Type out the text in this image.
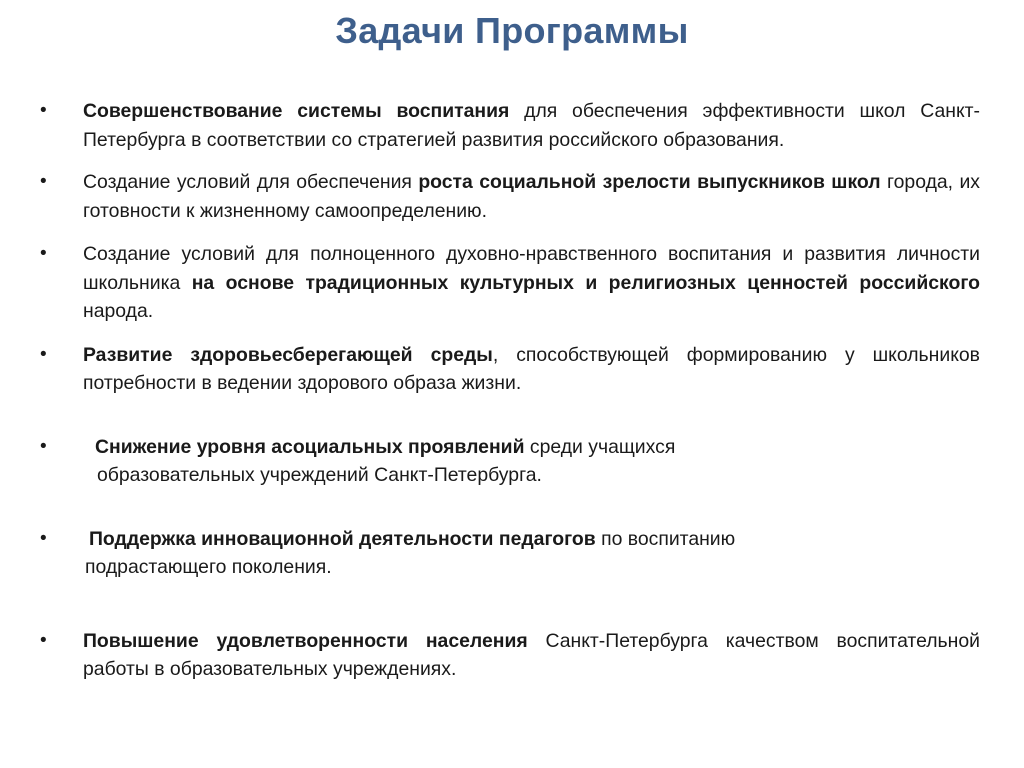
Задачи Программы
• Совершенствование системы воспитания для обеспечения эффективности школ Санкт-Петербурга в соответствии со стратегией развития российского образования.
• Создание условий для обеспечения роста социальной зрелости выпускников школ города, их готовности к жизненному самоопределению.
• Создание условий для полноценного духовно-нравственного воспитания и развития личности школьника на основе традиционных культурных и религиозных ценностей российского народа.
• Развитие здоровьесберегающей среды, способствующей формированию у школьников потребности в ведении здорового образа жизни.
• Снижение уровня асоциальных проявлений среди учащихся
образовательных учреждений Санкт-Петербурга.
• Поддержка инновационной деятельности педагогов по воспитанию
подрастающего поколения.
• Повышение удовлетворенности населения Санкт-Петербурга качеством воспитательной работы в образовательных учреждениях.
